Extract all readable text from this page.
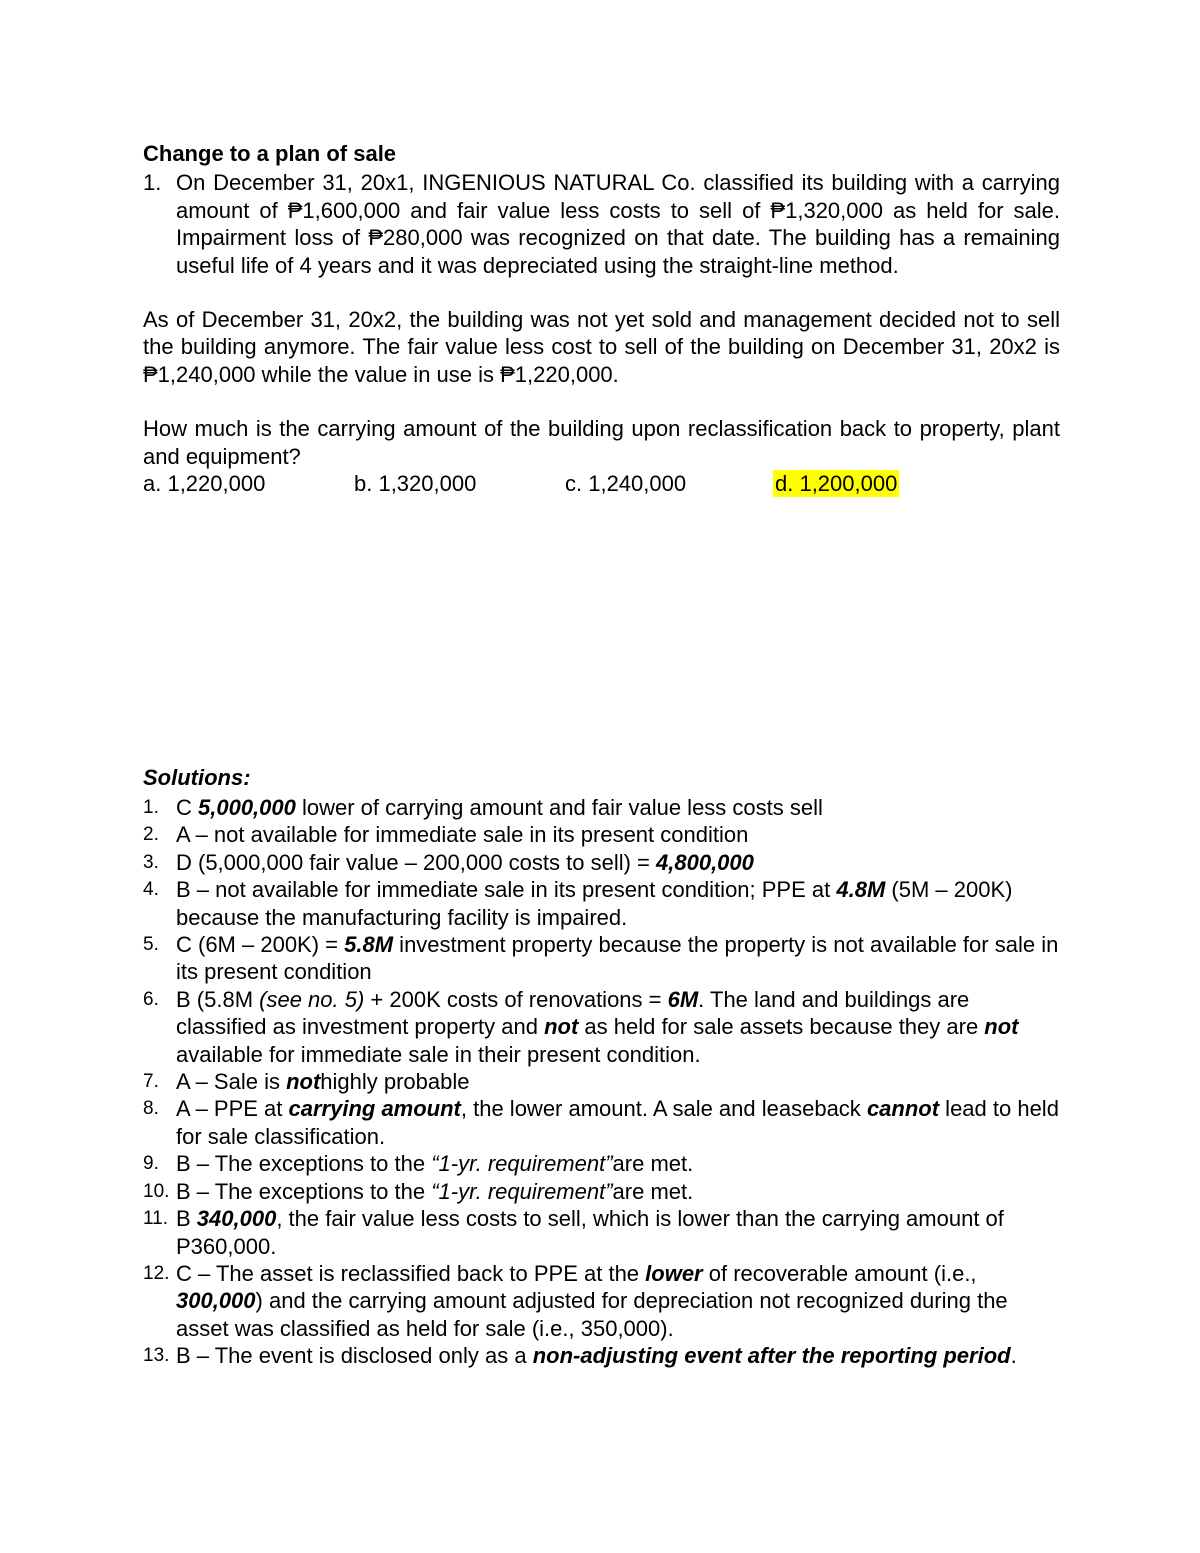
Change to a plan of sale

1. On December 31, 20x1, INGENIOUS NATURAL Co. classified its building with a carrying amount of ₱1,600,000 and fair value less costs to sell of ₱1,320,000 as held for sale. Impairment loss of ₱280,000 was recognized on that date. The building has a remaining useful life of 4 years and it was depreciated using the straight-line method.

As of December 31, 20x2, the building was not yet sold and management decided not to sell the building anymore. The fair value less cost to sell of the building on December 31, 20x2 is ₱1,240,000 while the value in use is ₱1,220,000.

How much is the carrying amount of the building upon reclassification back to property, plant and equipment?

a. 1,220,000	b. 1,320,000	c. 1,240,000	d. 1,200,000

Solutions:

1. C 5,000,000 lower of carrying amount and fair value less costs sell
2. A – not available for immediate sale in its present condition
3. D (5,000,000 fair value – 200,000 costs to sell) = 4,800,000
4. B – not available for immediate sale in its present condition; PPE at 4.8M (5M – 200K) because the manufacturing facility is impaired.
5. C (6M – 200K) = 5.8M investment property because the property is not available for sale in its present condition
6. B (5.8M (see no. 5) + 200K costs of renovations = 6M. The land and buildings are classified as investment property and not as held for sale assets because they are not available for immediate sale in their present condition.
7. A – Sale is nothighly probable
8. A – PPE at carrying amount, the lower amount. A sale and leaseback cannot lead to held for sale classification.
9. B – The exceptions to the “1-yr. requirement”are met.
10. B – The exceptions to the “1-yr. requirement”are met.
11. B 340,000, the fair value less costs to sell, which is lower than the carrying amount of P360,000.
12. C – The asset is reclassified back to PPE at the lower of recoverable amount (i.e., 300,000) and the carrying amount adjusted for depreciation not recognized during the asset was classified as held for sale (i.e., 350,000).
13. B – The event is disclosed only as a non-adjusting event after the reporting period.
